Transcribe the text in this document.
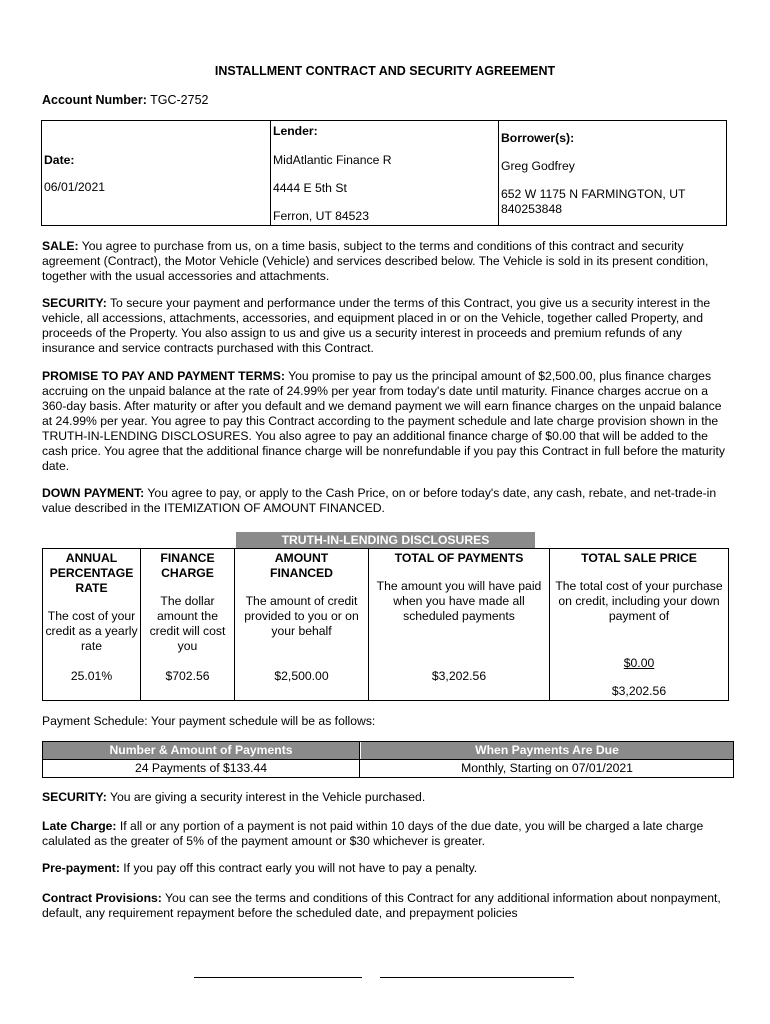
INSTALLMENT CONTRACT AND SECURITY AGREEMENT
Account Number: TGC-2752
Date:
06/01/2021
Lender:
MidAtlantic Finance R
4444 E 5th St
Ferron, UT 84523
Borrower(s):
Greg Godfrey
652 W 1175 N FARMINGTON, UT
840253848
SALE: You agree to purchase from us, on a time basis, subject to the terms and conditions of this contract and security agreement (Contract), the Motor Vehicle (Vehicle) and services described below. The Vehicle is sold in its present condition, together with the usual accessories and attachments.
SECURITY: To secure your payment and performance under the terms of this Contract, you give us a security interest in the vehicle, all accessions, attachments, accessories, and equipment placed in or on the Vehicle, together called Property, and proceeds of the Property. You also assign to us and give us a security interest in proceeds and premium refunds of any insurance and service contracts purchased with this Contract.
PROMISE TO PAY AND PAYMENT TERMS: You promise to pay us the principal amount of $2,500.00, plus finance charges accruing on the unpaid balance at the rate of 24.99% per year from today's date until maturity. Finance charges accrue on a 360-day basis. After maturity or after you default and we demand payment we will earn finance charges on the unpaid balance at 24.99% per year. You agree to pay this Contract according to the payment schedule and late charge provision shown in the TRUTH-IN-LENDING DISCLOSURES. You also agree to pay an additional finance charge of $0.00 that will be added to the cash price. You agree that the additional finance charge will be nonrefundable if you pay this Contract in full before the maturity date.
DOWN PAYMENT: You agree to pay, or apply to the Cash Price, on or before today's date, any cash, rebate, and net-trade-in value described in the ITEMIZATION OF AMOUNT FINANCED.
TRUTH-IN-LENDING DISCLOSURES
ANNUAL PERCENTAGE RATE
The cost of your credit as a yearly rate
25.01%
FINANCE CHARGE
The dollar amount the credit will cost you
$702.56
AMOUNT FINANCED
The amount of credit provided to you or on your behalf
$2,500.00
TOTAL OF PAYMENTS
The amount you will have paid when you have made all scheduled payments
$3,202.56
TOTAL SALE PRICE
The total cost of your purchase on credit, including your down payment of
$0.00
$3,202.56
Payment Schedule: Your payment schedule will be as follows:
Number & Amount of Payments	When Payments Are Due
24 Payments of $133.44	Monthly, Starting on 07/01/2021
SECURITY: You are giving a security interest in the Vehicle purchased.
Late Charge: If all or any portion of a payment is not paid within 10 days of the due date, you will be charged a late charge calulated as the greater of 5% of the payment amount or $30 whichever is greater.
Pre-payment: If you pay off this contract early you will not have to pay a penalty.
Contract Provisions: You can see the terms and conditions of this Contract for any additional information about nonpayment, default, any requirement repayment before the scheduled date, and prepayment policies
